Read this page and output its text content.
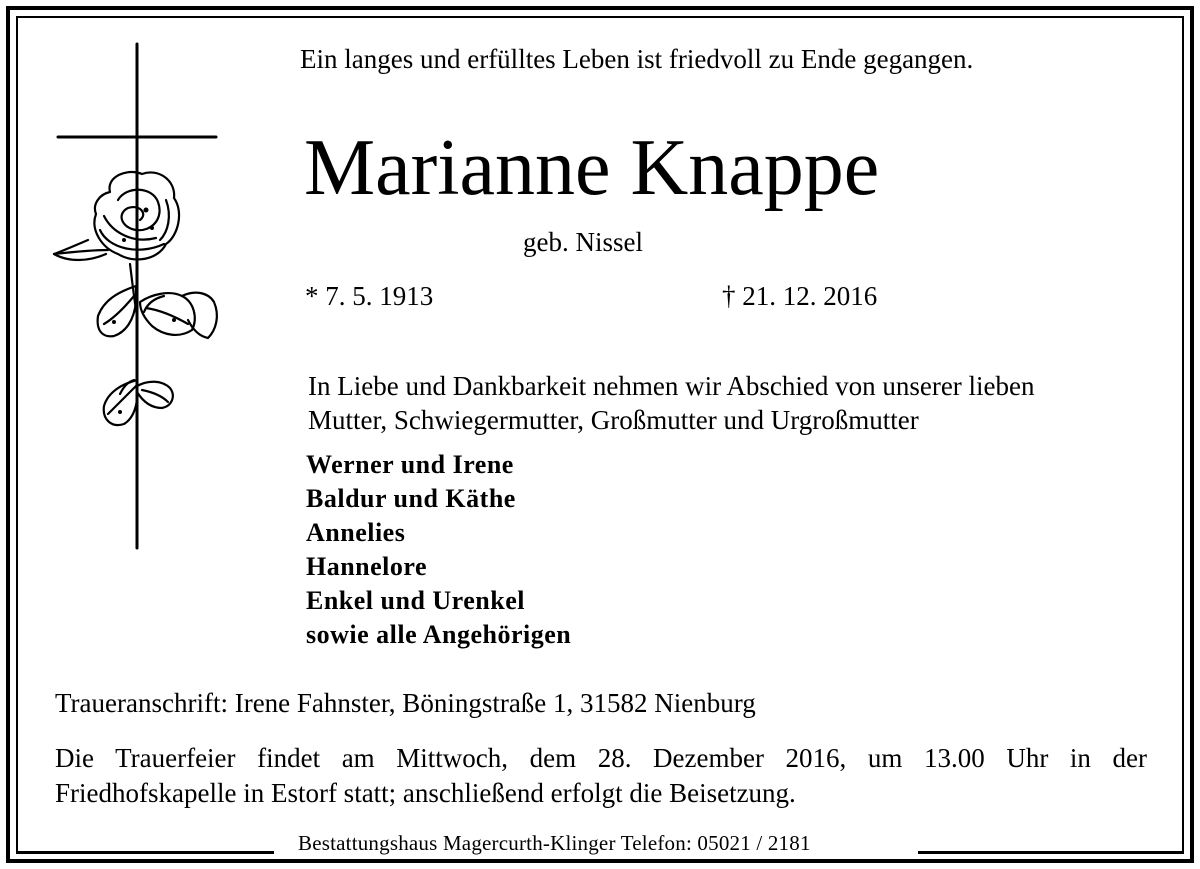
Ein langes und erfülltes Leben ist friedvoll zu Ende gegangen.
Marianne Knappe
geb. Nissel
* 7. 5. 1913	† 21. 12. 2016
In Liebe und Dankbarkeit nehmen wir Abschied von unserer lieben
Mutter, Schwiegermutter, Großmutter und Urgroßmutter
Werner und Irene
Baldur und Käthe
Annelies
Hannelore
Enkel und Urenkel
sowie alle Angehörigen
Traueranschrift: Irene Fahnster, Böningstraße 1, 31582 Nienburg
Die Trauerfeier findet am Mittwoch, dem 28. Dezember 2016, um 13.00 Uhr in der
Friedhofskapelle in Estorf statt; anschließend erfolgt die Beisetzung.
Bestattungshaus Magercurth-Klinger Telefon: 05021 / 2181
